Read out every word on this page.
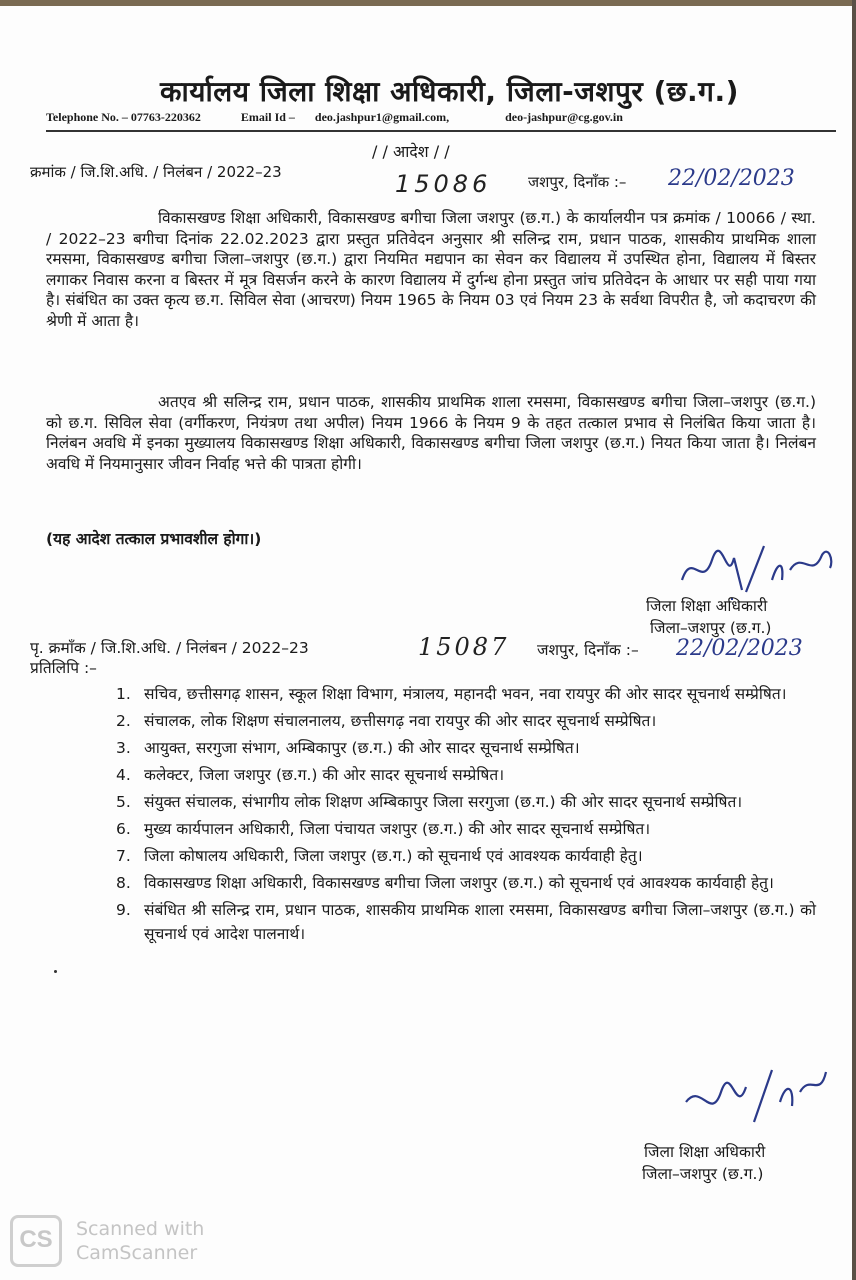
कार्यालय जिला शिक्षा अधिकारी, जिला-जशपुर (छ.ग.)
Telephone No. – 07763-220362	Email Id – deo.jashpur1@gmail.com,	deo-jashpur@cg.gov.in
/ / आदेश / /
क्रमांक / जि.शि.अधि. / निलंबन / 2022–23	15086 जशपुर, दिनाँक :– 22/02/2023
विकासखण्ड शिक्षा अधिकारी, विकासखण्ड बगीचा जिला जशपुर (छ.ग.) के कार्यालयीन पत्र क्रमांक / 10066 / स्था. / 2022–23 बगीचा दिनांक 22.02.2023 द्वारा प्रस्तुत प्रतिवेदन अनुसार श्री सलिन्द्र राम, प्रधान पाठक, शासकीय प्राथमिक शाला रमसमा, विकासखण्ड बगीचा जिला–जशपुर (छ.ग.) द्वारा नियमित मद्यपान का सेवन कर विद्यालय में उपस्थित होना, विद्यालय में बिस्तर लगाकर निवास करना व बिस्तर में मूत्र विसर्जन करने के कारण विद्यालय में दुर्गन्ध होना प्रस्तुत जांच प्रतिवेदन के आधार पर सही पाया गया है। संबंधित का उक्त कृत्य छ.ग. सिविल सेवा (आचरण) नियम 1965 के नियम 03 एवं नियम 23 के सर्वथा विपरीत है, जो कदाचरण की श्रेणी में आता है।
अतएव श्री सलिन्द्र राम, प्रधान पाठक, शासकीय प्राथमिक शाला रमसमा, विकासखण्ड बगीचा जिला–जशपुर (छ.ग.) को छ.ग. सिविल सेवा (वर्गीकरण, नियंत्रण तथा अपील) नियम 1966 के नियम 9 के तहत तत्काल प्रभाव से निलंबित किया जाता है। निलंबन अवधि में इनका मुख्यालय विकासखण्ड शिक्षा अधिकारी, विकासखण्ड बगीचा जिला जशपुर (छ.ग.) नियत किया जाता है। निलंबन अवधि में नियमानुसार जीवन निर्वाह भत्ते की पात्रता होगी।
(यह आदेश तत्काल प्रभावशील होगा।)
जिला शिक्षा अधिकारी
जिला–जशपुर (छ.ग.)
पृ. क्रमाँक / जि.शि.अधि. / निलंबन / 2022–23	15087 जशपुर, दिनाँक :– 22/02/2023
प्रतिलिपि :–
1. सचिव, छत्तीसगढ़ शासन, स्कूल शिक्षा विभाग, मंत्रालय, महानदी भवन, नवा रायपुर की ओर सादर सूचनार्थ सम्प्रेषित।
2. संचालक, लोक शिक्षण संचालनालय, छत्तीसगढ़ नवा रायपुर की ओर सादर सूचनार्थ सम्प्रेषित।
3. आयुक्त, सरगुजा संभाग, अम्बिकापुर (छ.ग.) की ओर सादर सूचनार्थ सम्प्रेषित।
4. कलेक्टर, जिला जशपुर (छ.ग.) की ओर सादर सूचनार्थ सम्प्रेषित।
5. संयुक्त संचालक, संभागीय लोक शिक्षण अम्बिकापुर जिला सरगुजा (छ.ग.) की ओर सादर सूचनार्थ सम्प्रेषित।
6. मुख्य कार्यपालन अधिकारी, जिला पंचायत जशपुर (छ.ग.) की ओर सादर सूचनार्थ सम्प्रेषित।
7. जिला कोषालय अधिकारी, जिला जशपुर (छ.ग.) को सूचनार्थ एवं आवश्यक कार्यवाही हेतु।
8. विकासखण्ड शिक्षा अधिकारी, विकासखण्ड बगीचा जिला जशपुर (छ.ग.) को सूचनार्थ एवं आवश्यक कार्यवाही हेतु।
9. संबंधित श्री सलिन्द्र राम, प्रधान पाठक, शासकीय प्राथमिक शाला रमसमा, विकासखण्ड बगीचा जिला–जशपुर (छ.ग.) को सूचनार्थ एवं आदेश पालनार्थ।
जिला शिक्षा अधिकारी
जिला–जशपुर (छ.ग.)
CS	Scanned with
CamScanner
